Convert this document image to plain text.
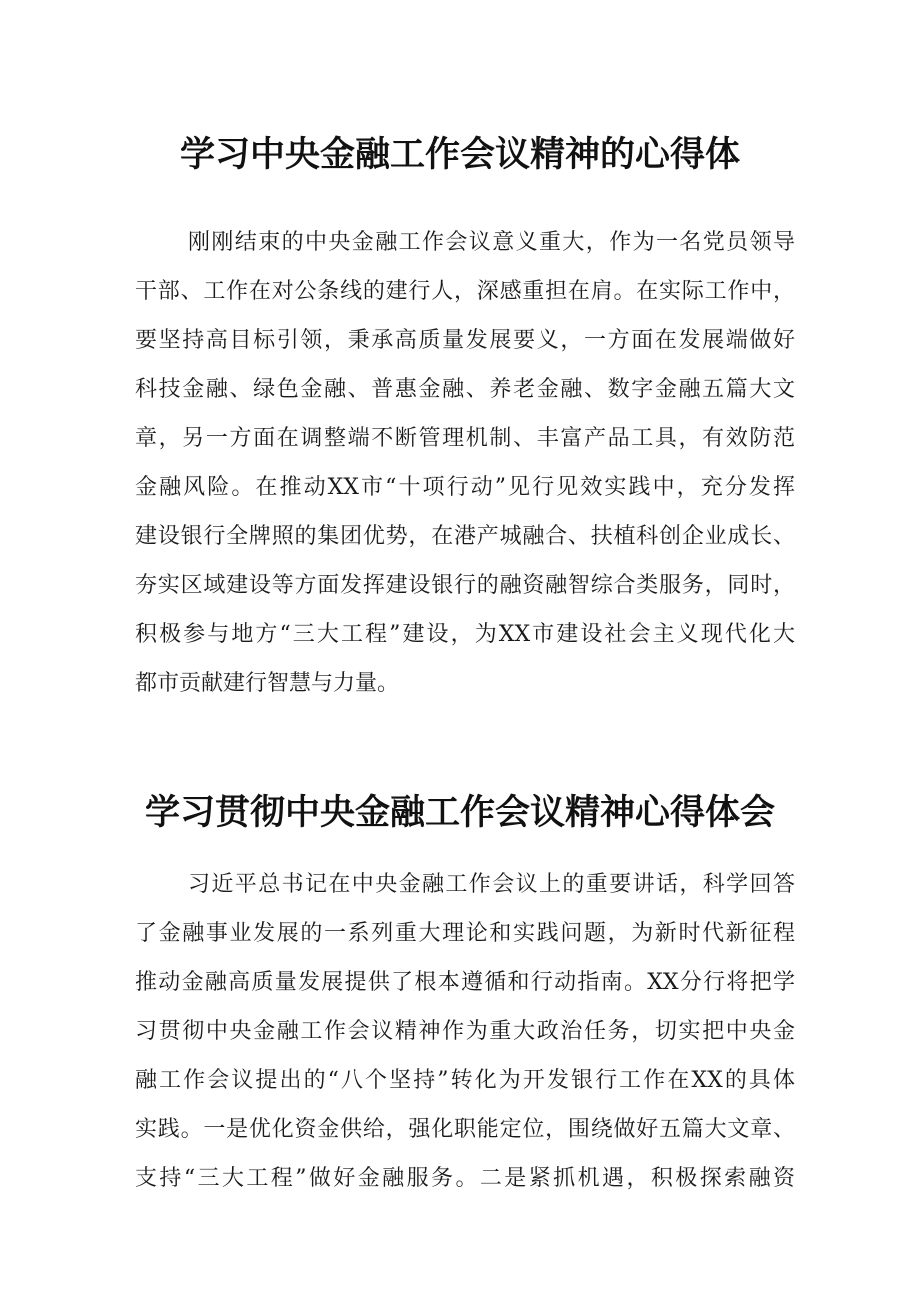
学习中央金融工作会议精神的心得体
刚刚结束的中央金融工作会议意义重大，作为一名党员领导
干部、工作在对公条线的建行人，深感重担在肩。在实际工作中，
要坚持高目标引领，秉承高质量发展要义，一方面在发展端做好
科技金融、绿色金融、普惠金融、养老金融、数字金融五篇大文
章，另一方面在调整端不断管理机制、丰富产品工具，有效防范
金融风险。在推动XX市“十项行动”见行见效实践中，充分发挥
建设银行全牌照的集团优势，在港产城融合、扶植科创企业成长、
夯实区域建设等方面发挥建设银行的融资融智综合类服务，同时，
积极参与地方“三大工程”建设，为XX市建设社会主义现代化大
都市贡献建行智慧与力量。
学习贯彻中央金融工作会议精神心得体会
习近平总书记在中央金融工作会议上的重要讲话，科学回答
了金融事业发展的一系列重大理论和实践问题，为新时代新征程
推动金融高质量发展提供了根本遵循和行动指南。XX分行将把学
习贯彻中央金融工作会议精神作为重大政治任务，切实把中央金
融工作会议提出的“八个坚持”转化为开发银行工作在XX的具体
实践。一是优化资金供给，强化职能定位，围绕做好五篇大文章、
支持“三大工程”做好金融服务。二是紧抓机遇，积极探索融资
